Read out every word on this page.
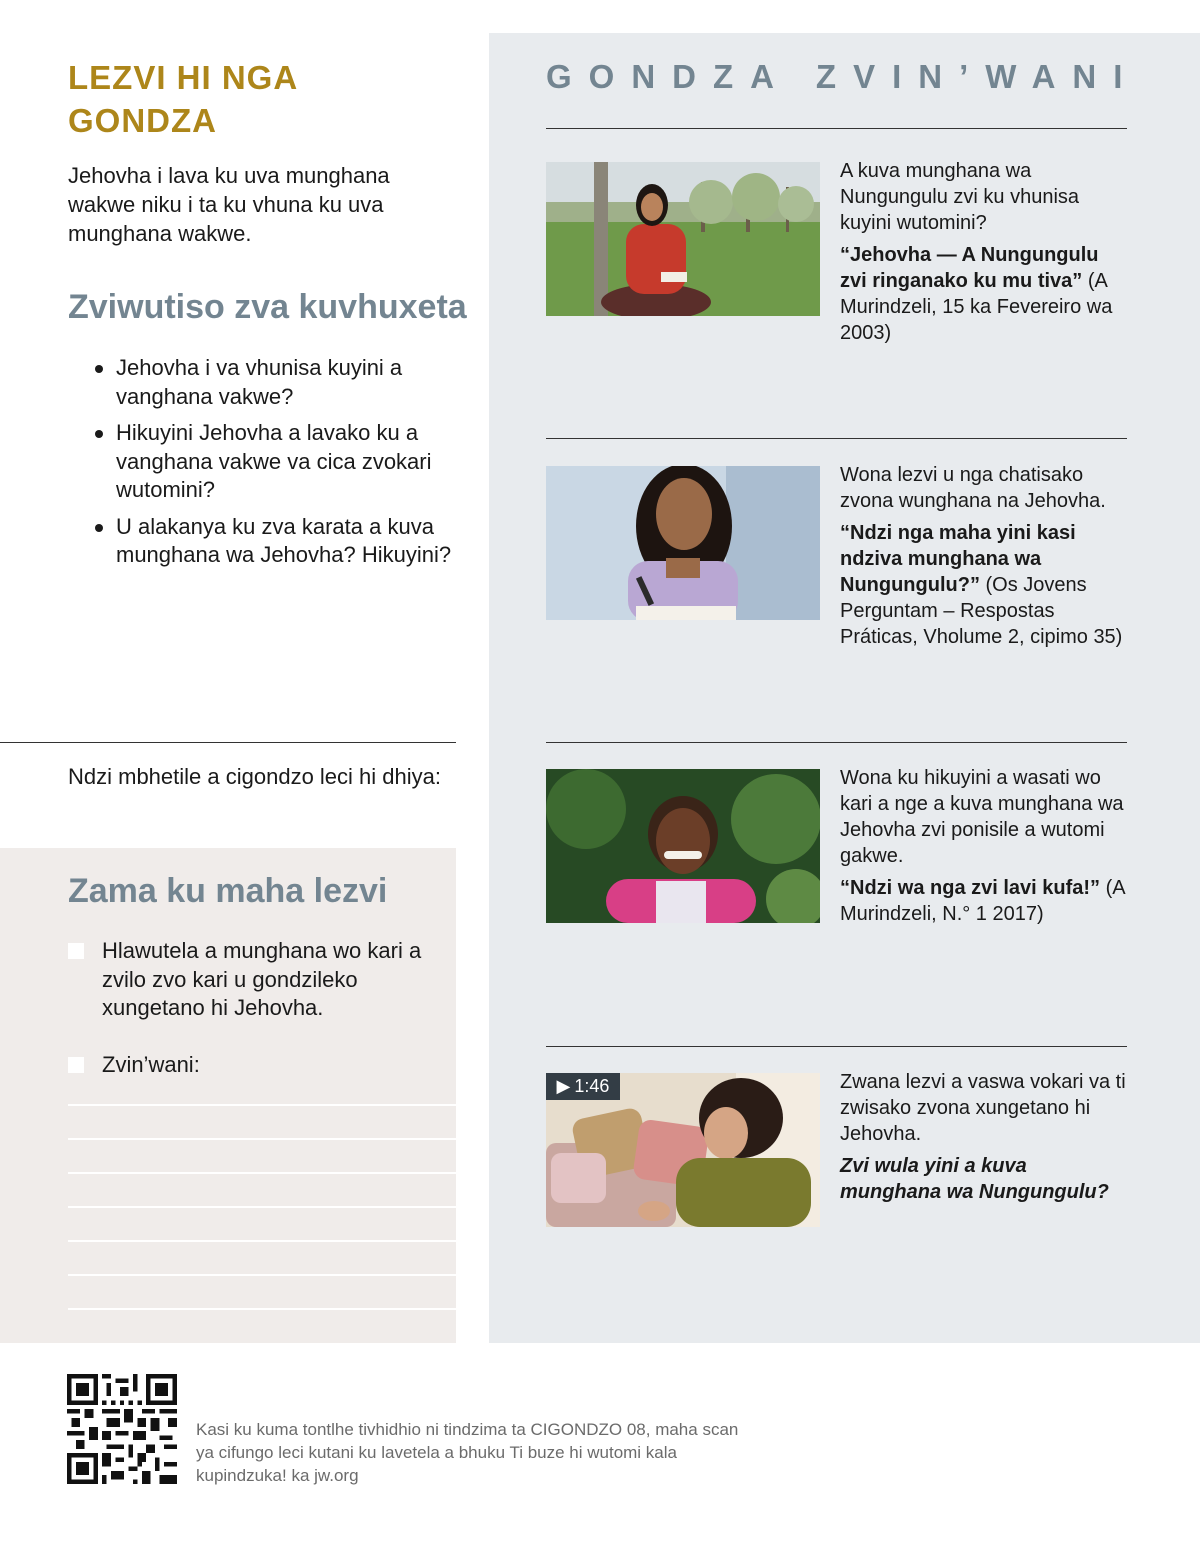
LEZVI HI NGA GONDZA

Jehovha i lava ku uva munghana wakwe niku i ta ku vhuna ku uva munghana wakwe.

Zviwutiso zva kuvhuxeta
Jehovha i va vhunisa kuyini a vanghana vakwe?
Hikuyini Jehovha a lavako ku a vanghana vakwe va cica zvokari wutomini?
U alakanya ku zva karata a kuva munghana wa Jehovha? Hikuyini?

Ndzi mbhetile a cigondzo leci hi dhiya:

Zama ku maha lezvi
Hlawutela a munghana wo kari a zvilo zvo kari u gondzileko xungetano hi Jehovha.
Zvin’wani:
GONDZA ZVIN’WANI

A kuva munghana wa Nungungulu zvi ku vhunisa kuyini wutomini?

“Jehovha — A Nungungulu zvi ringanako ku mu tiva” (A Murindzeli, 15 ka Fevereiro wa 2003)

Wona lezvi u nga chatisako zvona wunghana na Jehovha.

“Ndzi nga maha yini kasi ndziva munghana wa Nungungulu?” (Os Jovens Perguntam – Respostas Práticas, Vholume 2, cipimo 35)

Wona ku hikuyini a wasati wo kari a nge a kuva munghana wa Jehovha zvi ponisile a wutomi gakwe.

“Ndzi wa nga zvi lavi kufa!” (A Murindzeli, N.° 1 2017)

▶ 1:46	Zwana lezvi a vaswa vokari va ti zwisako zvona xungetano hi Jehovha.

Zvi wula yini a kuva munghana wa Nungungulu?

Kasi ku kuma tontlhe tivhidhio ni tindzima ta CIGONDZO 08, maha scan ya cifungo leci kutani ku lavetela a bhuku Ti buze hi wutomi kala kupindzuka! ka jw.org
